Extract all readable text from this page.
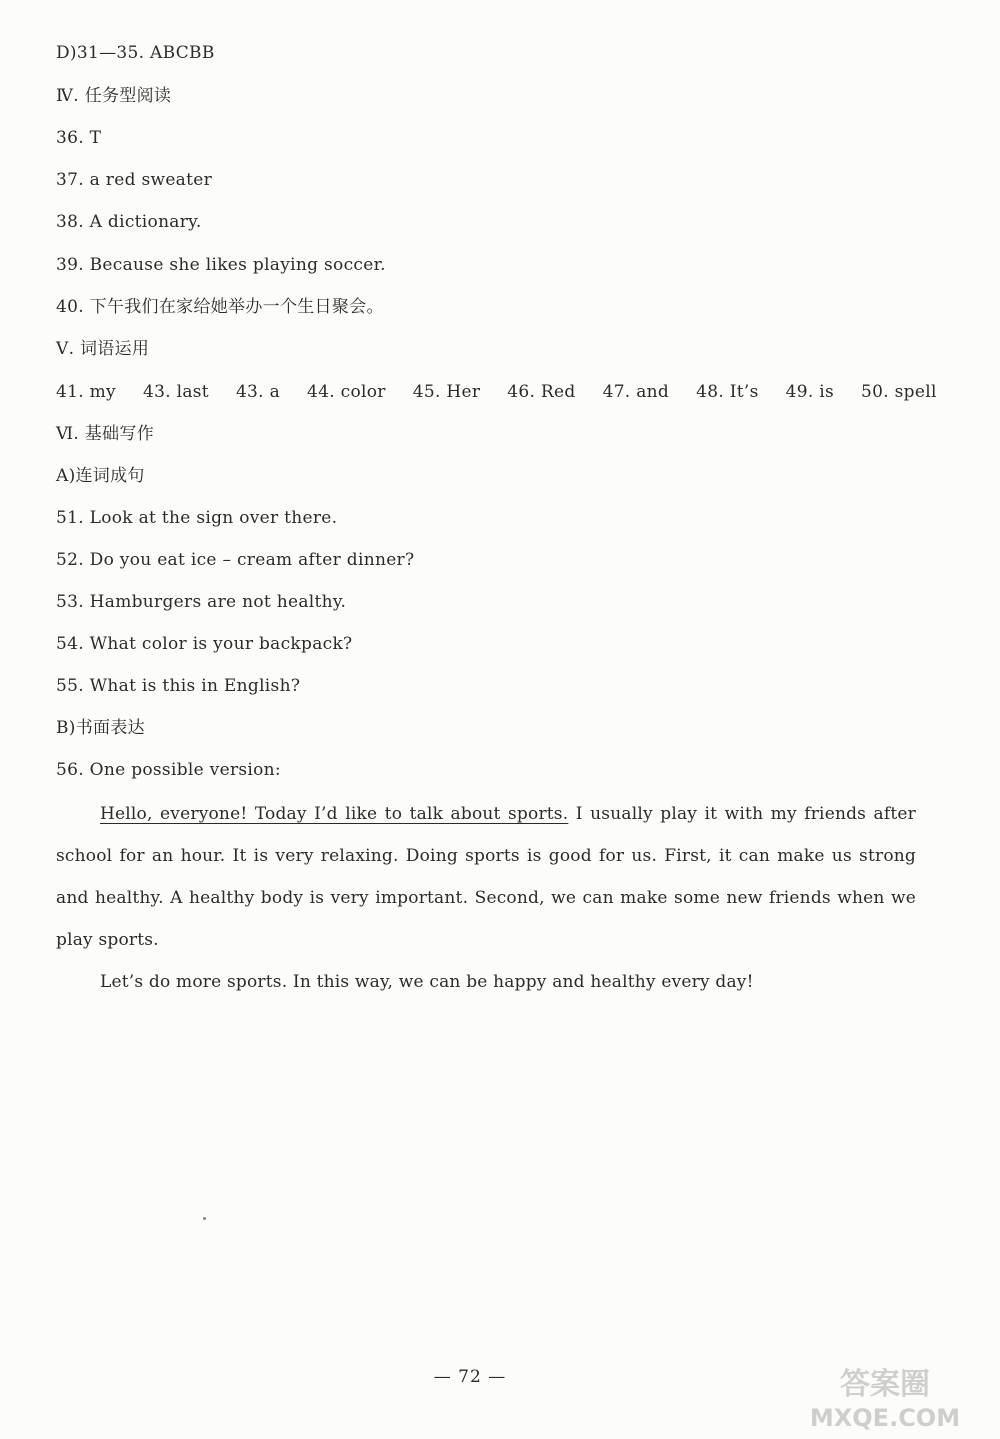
D)31—35. ABCBB
Ⅳ. 任务型阅读
36. T
37. a red sweater
38. A dictionary.
39. Because she likes playing soccer.
40. 下午我们在家给她举办一个生日聚会。
Ⅴ. 词语运用
41. my 43. last 43. a 44. color 45. Her 46. Red 47. and 48. It’s 49. is 50. spell
Ⅵ. 基础写作
A)连词成句
51. Look at the sign over there.
52. Do you eat ice – cream after dinner?
53. Hamburgers are not healthy.
54. What color is your backpack?
55. What is this in English?
B)书面表达
56. One possible version:
Hello, everyone! Today I’d like to talk about sports. I usually play it with my friends after school for an hour. It is very relaxing. Doing sports is good for us. First, it can make us strong and healthy. A healthy body is very important. Second, we can make some new friends when we play sports.
Let’s do more sports. In this way, we can be happy and healthy every day!
— 72 —	答案圈
MXQE.COM
